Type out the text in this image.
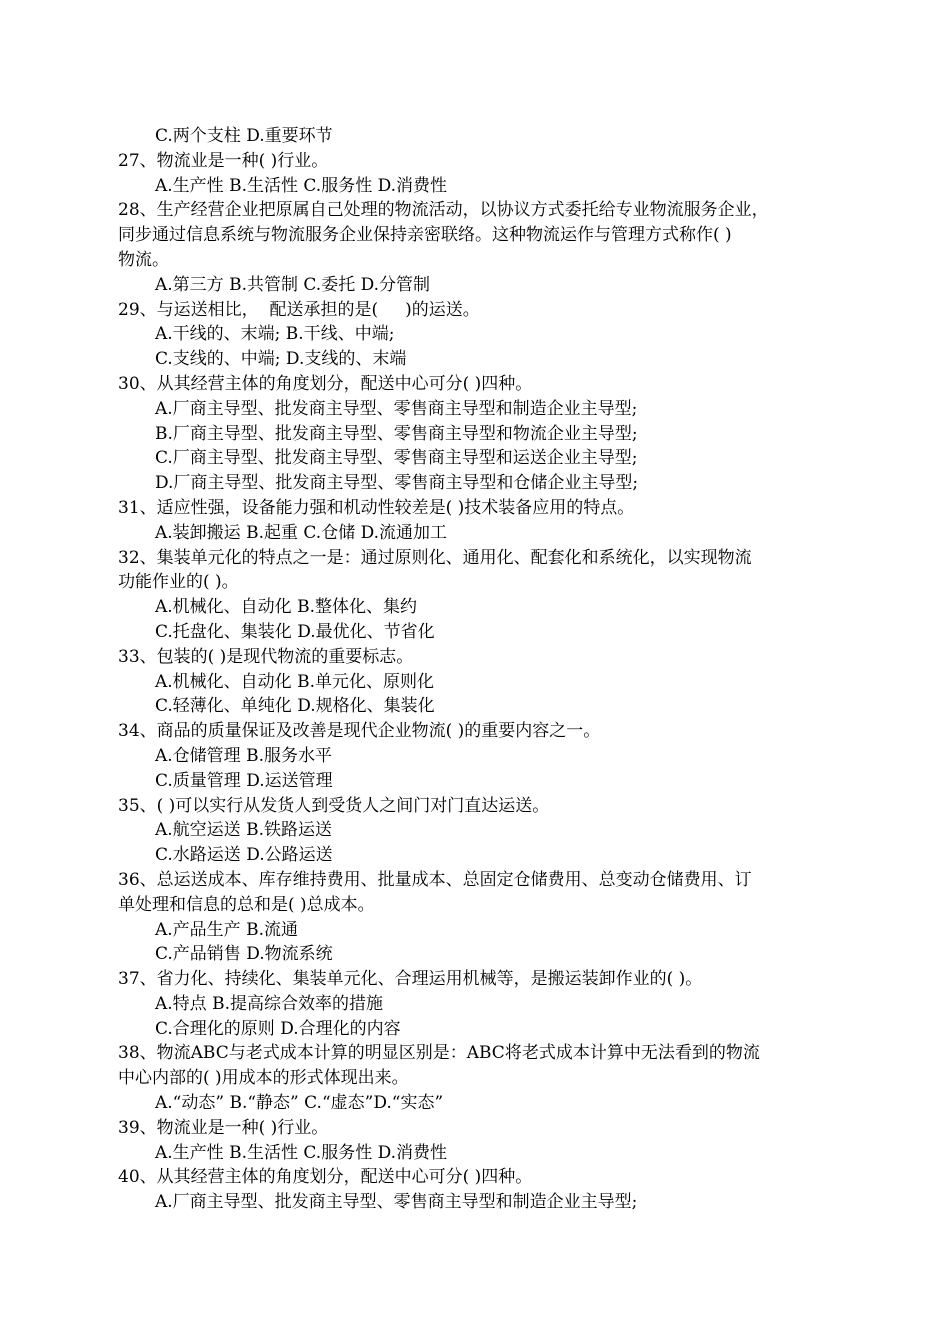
C.两个支柱 D.重要环节
27、物流业是一种( )行业。
A.生产性 B.生活性 C.服务性 D.消费性
28、生产经营企业把原属自己处理的物流活动，以协议方式委托给专业物流服务企业，
同步通过信息系统与物流服务企业保持亲密联络。这种物流运作与管理方式称作( )
物流。
A.第三方 B.共管制 C.委托 D.分管制
29、与运送相比，  配送承担的是(     )的运送。
A.干线的、末端; B.干线、中端;
C.支线的、中端; D.支线的、末端
30、从其经营主体的角度划分，配送中心可分( )四种。
A.厂商主导型、批发商主导型、零售商主导型和制造企业主导型;
B.厂商主导型、批发商主导型、零售商主导型和物流企业主导型;
C.厂商主导型、批发商主导型、零售商主导型和运送企业主导型;
D.厂商主导型、批发商主导型、零售商主导型和仓储企业主导型;
31、适应性强，设备能力强和机动性较差是( )技术装备应用的特点。
A.装卸搬运 B.起重 C.仓储 D.流通加工
32、集装单元化的特点之一是：通过原则化、通用化、配套化和系统化，以实现物流
功能作业的( )。
A.机械化、自动化 B.整体化、集约
C.托盘化、集装化 D.最优化、节省化
33、包装的( )是现代物流的重要标志。
A.机械化、自动化 B.单元化、原则化
C.轻薄化、单纯化 D.规格化、集装化
34、商品的质量保证及改善是现代企业物流( )的重要内容之一。
A.仓储管理 B.服务水平
C.质量管理 D.运送管理
35、( )可以实行从发货人到受货人之间门对门直达运送。
A.航空运送 B.铁路运送
C.水路运送 D.公路运送
36、总运送成本、库存维持费用、批量成本、总固定仓储费用、总变动仓储费用、订
单处理和信息的总和是( )总成本。
A.产品生产 B.流通
C.产品销售 D.物流系统
37、省力化、持续化、集装单元化、合理运用机械等，是搬运装卸作业的( )。
A.特点 B.提高综合效率的措施
C.合理化的原则 D.合理化的内容
38、物流ABC与老式成本计算的明显区别是：ABC将老式成本计算中无法看到的物流
中心内部的( )用成本的形式体现出来。
A.“动态” B.“静态” C.“虚态”D.“实态”
39、物流业是一种( )行业。
A.生产性 B.生活性 C.服务性 D.消费性
40、从其经营主体的角度划分，配送中心可分( )四种。
A.厂商主导型、批发商主导型、零售商主导型和制造企业主导型;
